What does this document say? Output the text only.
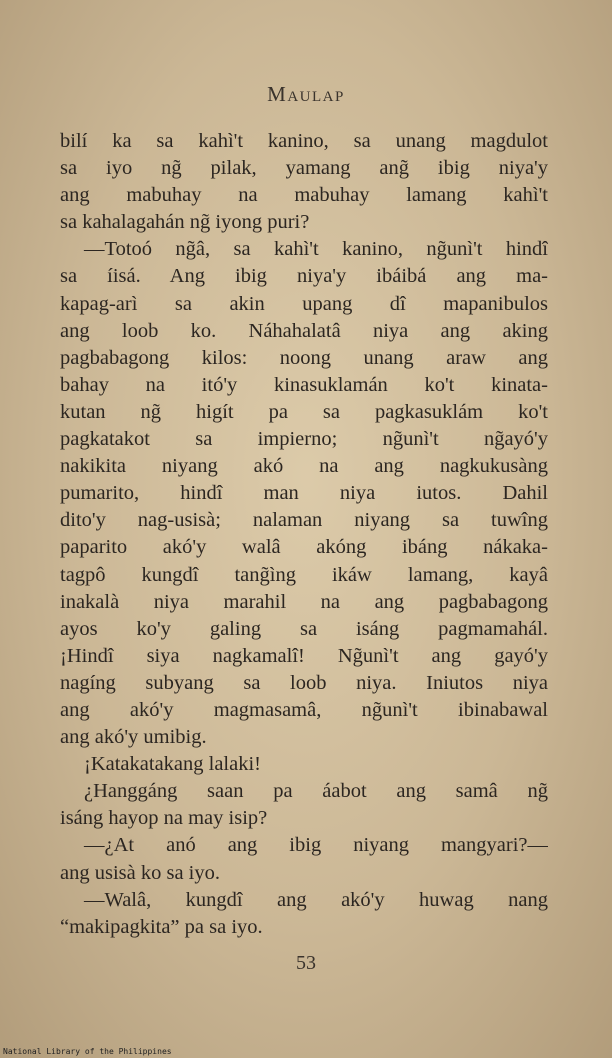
Maulap
bilí ka sa kahì't kanino, sa unang magdulot
sa iyo ng̃ pilak, yamang ang̃ ibig niya'y
ang mabuhay na mabuhay lamang kahì't
sa kahalagahán ng̃ iyong puri?
—Totoó ng̃â, sa kahì't kanino, ng̃unì't hindî
sa íisá. Ang ibig niya'y ibáibá ang ma-
kapag-arì sa akin upang dî mapanibulos
ang loob ko. Náhahalatâ niya ang aking
pagbabagong kilos: noong unang araw ang
bahay na itó'y kinasuklamán ko't kinata-
kutan ng̃ higít pa sa pagkasuklám ko't
pagkatakot sa impierno; ng̃unì't ng̃ayó'y
nakikita niyang akó na ang nagkukusàng
pumarito, hindî man niya iutos. Dahil
dito'y nag-usisà; nalaman niyang sa tuwîng
paparito akó'y walâ akóng ibáng nákaka-
tagpô kungdî tang̃ìng ikáw lamang, kayâ
inakalà niya marahil na ang pagbabagong
ayos ko'y galing sa isáng pagmamahál.
¡Hindî siya nagkamalî! Ng̃unì't ang gayó'y
nagíng subyang sa loob niya. Iniutos niya
ang akó'y magmasamâ, ng̃unì't ibinabawal
ang akó'y umibig.
¡Katakatakang lalaki!
¿Hanggáng saan pa áabot ang samâ ng̃
isáng hayop na may isip?
—¿At anó ang ibig niyang mangyari?—
ang usisà ko sa iyo.
—Walâ, kungdî ang akó'y huwag nang
“makipagkita” pa sa iyo.
53
National Library of the Philippines
